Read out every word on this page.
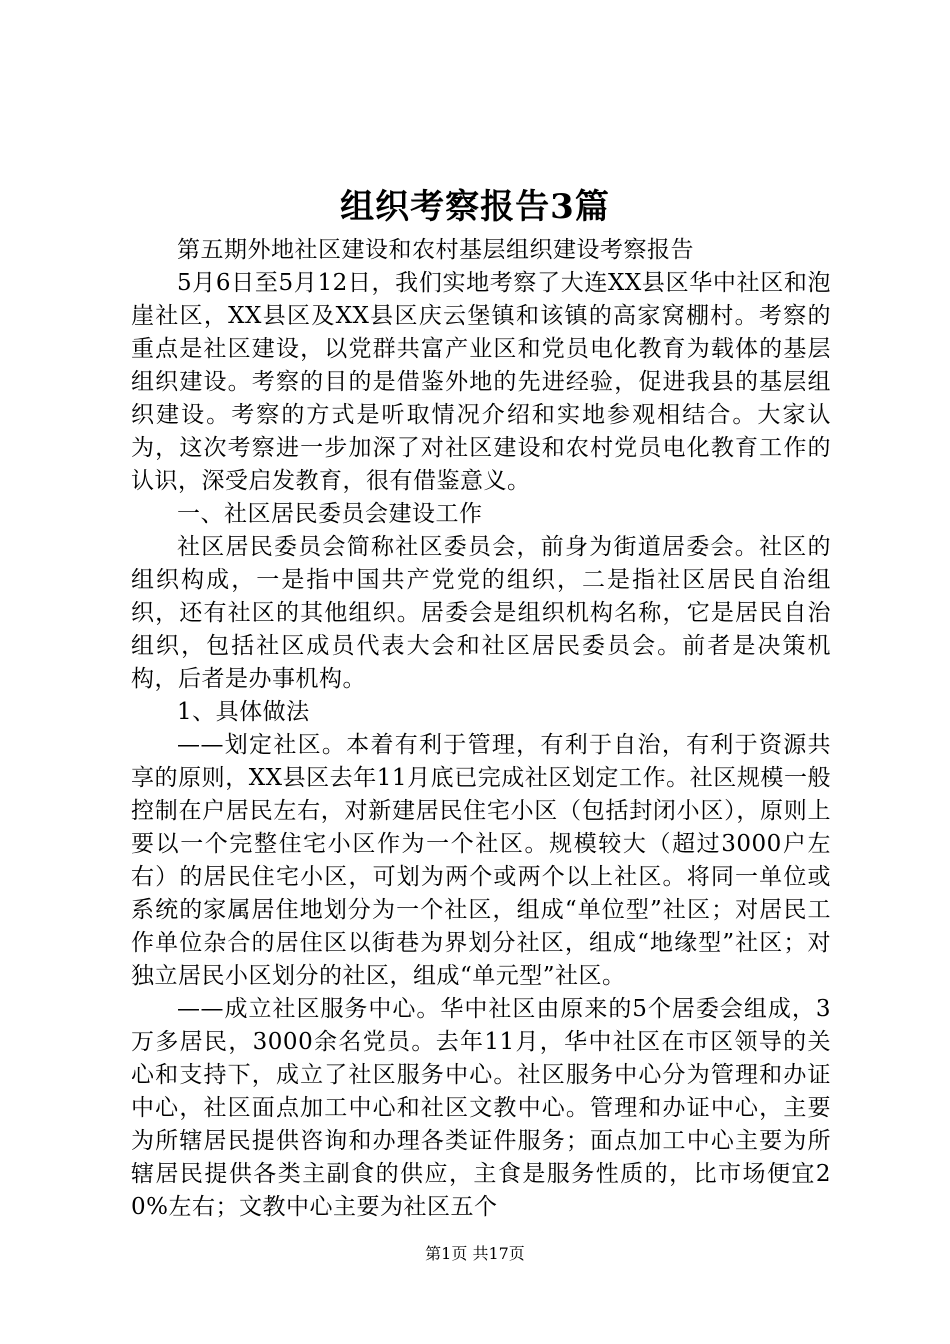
组织考察报告3篇

第五期外地社区建设和农村基层组织建设考察报告

5月6日至5月12日，我们实地考察了大连XX县区华中社区和泡崖社区，XX县区及XX县区庆云堡镇和该镇的高家窝棚村。考察的重点是社区建设，以党群共富产业区和党员电化教育为载体的基层组织建设。考察的目的是借鉴外地的先进经验，促进我县的基层组织建设。考察的方式是听取情况介绍和实地参观相结合。大家认为，这次考察进一步加深了对社区建设和农村党员电化教育工作的认识，深受启发教育，很有借鉴意义。

一、社区居民委员会建设工作

社区居民委员会简称社区委员会，前身为街道居委会。社区的组织构成，一是指中国共产党党的组织，二是指社区居民自治组织，还有社区的其他组织。居委会是组织机构名称，它是居民自治组织，包括社区成员代表大会和社区居民委员会。前者是决策机构，后者是办事机构。

1、具体做法

——划定社区。本着有利于管理，有利于自治，有利于资源共享的原则，XX县区去年11月底已完成社区划定工作。社区规模一般控制在户居民左右，对新建居民住宅小区（包括封闭小区），原则上要以一个完整住宅小区作为一个社区。规模较大（超过3000户左右）的居民住宅小区，可划为两个或两个以上社区。将同一单位或系统的家属居住地划分为一个社区，组成“单位型”社区；对居民工作单位杂合的居住区以街巷为界划分社区，组成“地缘型”社区；对独立居民小区划分的社区，组成“单元型”社区。

——成立社区服务中心。华中社区由原来的5个居委会组成，3万多居民，3000余名党员。去年11月，华中社区在市区领导的关心和支持下，成立了社区服务中心。社区服务中心分为管理和办证中心，社区面点加工中心和社区文教中心。管理和办证中心，主要为所辖居民提供咨询和办理各类证件服务；面点加工中心主要为所辖居民提供各类主副食的供应，主食是服务性质的，比市场便宜20%左右；文教中心主要为社区五个

第1页 共17页
